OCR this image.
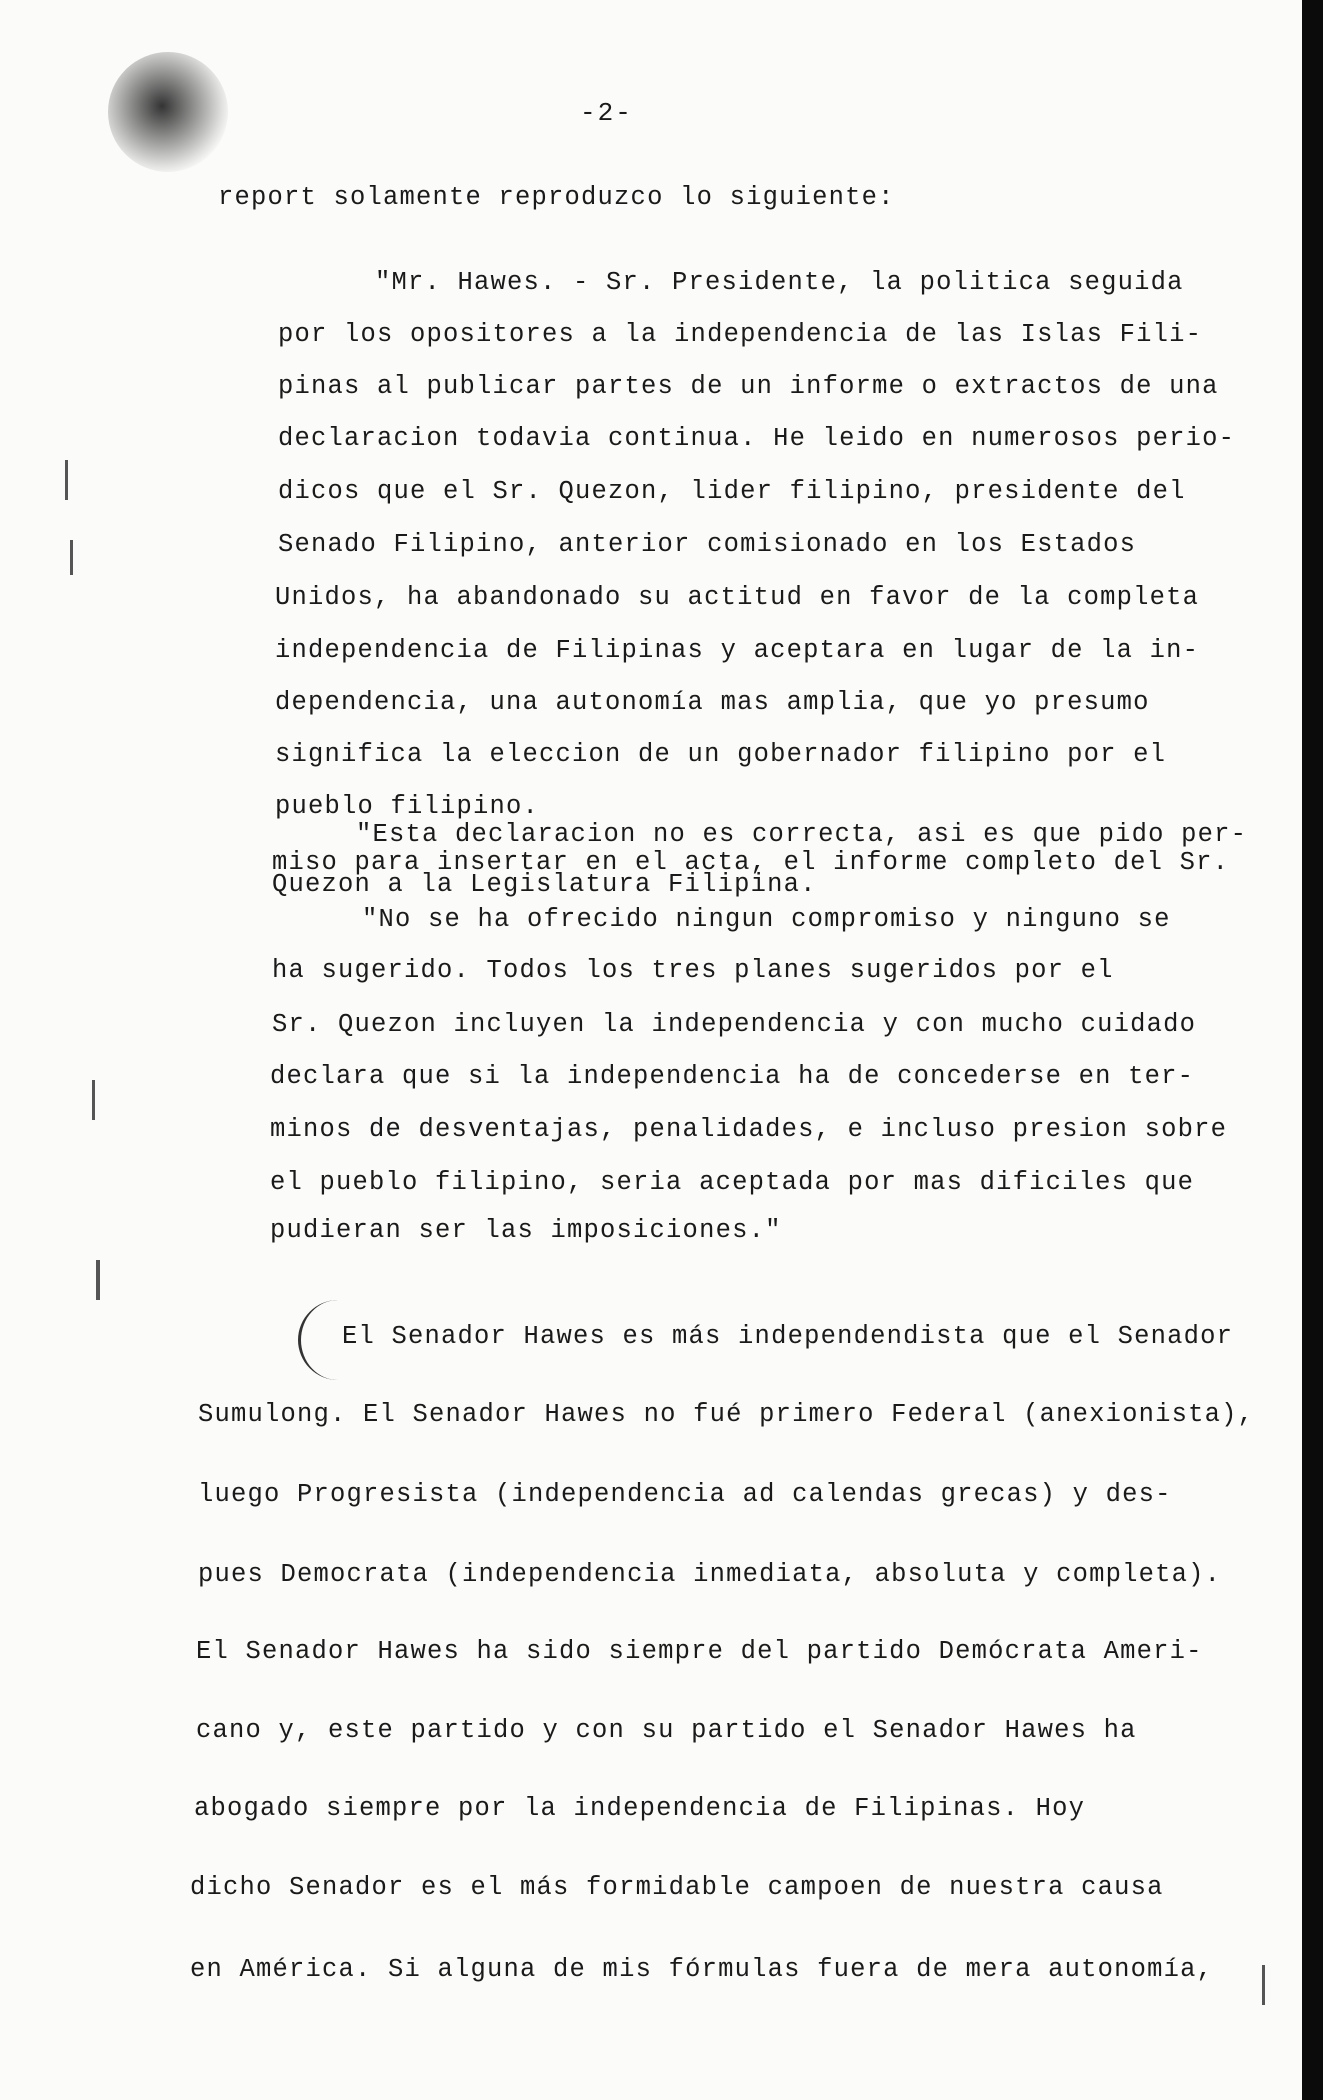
-2-
report solamente reproduzco lo siguiente:
"Mr. Hawes. - Sr. Presidente, la politica seguida
por los opositores a la independencia de las Islas Fili-
pinas al publicar partes de un informe o extractos de una
declaracion todavia continua. He leido en numerosos perio-
dicos que el Sr. Quezon, lider filipino, presidente del
Senado Filipino, anterior comisionado en los Estados
Unidos, ha abandonado su actitud en favor de la completa
independencia de Filipinas y aceptara en lugar de la in-
dependencia, una autonomía mas amplia, que yo presumo
significa la eleccion de un gobernador filipino por el
pueblo filipino.
"Esta declaracion no es correcta, asi es que pido per-
miso para insertar en el acta, el informe completo del Sr.
Quezon a la Legislatura Filipina.
"No se ha ofrecido ningun compromiso y ninguno se
ha sugerido. Todos los tres planes sugeridos por el
Sr. Quezon incluyen la independencia y con mucho cuidado
declara que si la independencia ha de concederse en ter-
minos de desventajas, penalidades, e incluso presion sobre
el pueblo filipino, seria aceptada por mas dificiles que
pudieran ser las imposiciones."
El Senador Hawes es más independendista que el Senador
Sumulong. El Senador Hawes no fué primero Federal (anexionista),
luego Progresista (independencia ad calendas grecas) y des-
pues Democrata (independencia inmediata, absoluta y completa).
El Senador Hawes ha sido siempre del partido Demócrata Ameri-
cano y, este partido y con su partido el Senador Hawes ha
abogado siempre por la independencia de Filipinas. Hoy
dicho Senador es el más formidable campoen de nuestra causa
en América. Si alguna de mis fórmulas fuera de mera autonomía,
